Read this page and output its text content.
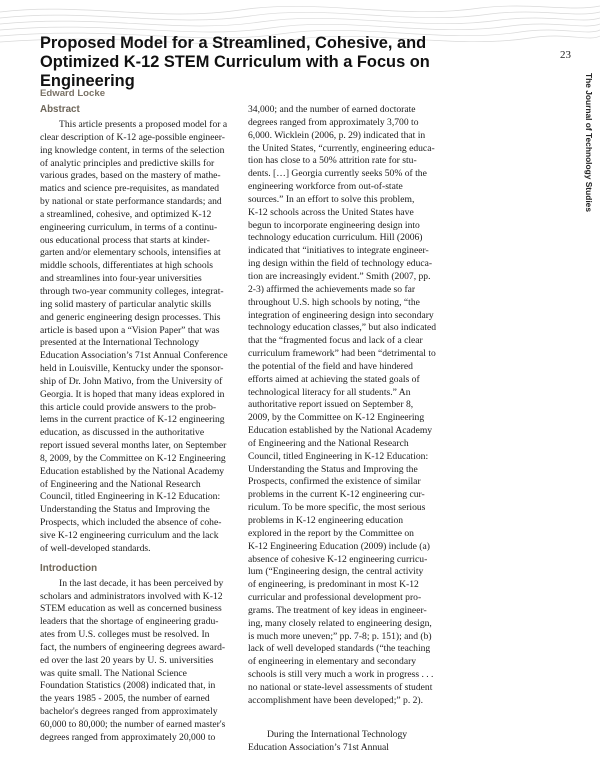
Proposed Model for a Streamlined, Cohesive, and
Optimized K-12 STEM Curriculum with a Focus on
Engineering

Edward Locke

23

The Journal of Technology Studies

Abstract

This article presents a proposed model for a

clear description of K-12 age-possible engineer-

ing knowledge content, in terms of the selection

of analytic principles and predictive skills for

various grades, based on the mastery of mathe-

matics and science pre-requisites, as mandated

by national or state performance standards; and

a streamlined, cohesive, and optimized K-12

engineering curriculum, in terms of a continu-

ous educational process that starts at kinder-

garten and/or elementary schools, intensifies at

middle schools, differentiates at high schools

and streamlines into four-year universities

through two-year community colleges, integrat-

ing solid mastery of particular analytic skills

and generic engineering design processes. This

article is based upon a “Vision Paper” that was

presented at the International Technology

Education Association’s 71st Annual Conference

held in Louisville, Kentucky under the sponsor-

ship of Dr. John Mativo, from the University of

Georgia. It is hoped that many ideas explored in

this article could provide answers to the prob-

lems in the current practice of K-12 engineering

education, as discussed in the authoritative

report issued several months later, on September

8, 2009, by the Committee on K-12 Engineering

Education established by the National Academy

of Engineering and the National Research

Council, titled Engineering in K-12 Education:

Understanding the Status and Improving the

Prospects, which included the absence of cohe-

sive K-12 engineering curriculum and the lack

of well-developed standards.

Introduction

In the last decade, it has been perceived by

scholars and administrators involved with K-12

STEM education as well as concerned business

leaders that the shortage of engineering gradu-

ates from U.S. colleges must be resolved. In

fact, the numbers of engineering degrees award-

ed over the last 20 years by U. S. universities

was quite small. The National Science

Foundation Statistics (2008) indicated that, in

the years 1985 - 2005, the number of earned

bachelor's degrees ranged from approximately

60,000 to 80,000; the number of earned master's

degrees ranged from approximately 20,000 to

34,000; and the number of earned doctorate

degrees ranged from approximately 3,700 to

6,000. Wicklein (2006, p. 29) indicated that in

the United States, “currently, engineering educa-

tion has close to a 50% attrition rate for stu-

dents. […] Georgia currently seeks 50% of the

engineering workforce from out-of-state

sources.” In an effort to solve this problem,

K-12 schools across the United States have

begun to incorporate engineering design into

technology education curriculum. Hill (2006)

indicated that “initiatives to integrate engineer-

ing design within the field of technology educa-

tion are increasingly evident.” Smith (2007, pp.

2-3) affirmed the achievements made so far

throughout U.S. high schools by noting, “the

integration of engineering design into secondary

technology education classes,” but also indicated

that the “fragmented focus and lack of a clear

curriculum framework” had been “detrimental to

the potential of the field and have hindered

efforts aimed at achieving the stated goals of

technological literacy for all students.” An

authoritative report issued on September 8,

2009, by the Committee on K-12 Engineering

Education established by the National Academy

of Engineering and the National Research

Council, titled Engineering in K-12 Education:

Understanding the Status and Improving the

Prospects, confirmed the existence of similar

problems in the current K-12 engineering cur-

riculum. To be more specific, the most serious

problems in K-12 engineering education

explored in the report by the Committee on

K-12 Engineering Education (2009) include (a)

absence of cohesive K-12 engineering curricu-

lum (“Engineering design, the central activity

of engineering, is predominant in most K-12

curricular and professional development pro-

grams. The treatment of key ideas in engineer-

ing, many closely related to engineering design,

is much more uneven;” pp. 7-8; p. 151); and (b)

lack of well developed standards (“the teaching

of engineering in elementary and secondary

schools is still very much a work in progress . . .

no national or state-level assessments of student

accomplishment have been developed;” p. 2).

During the International Technology

Education Association’s 71st Annual
